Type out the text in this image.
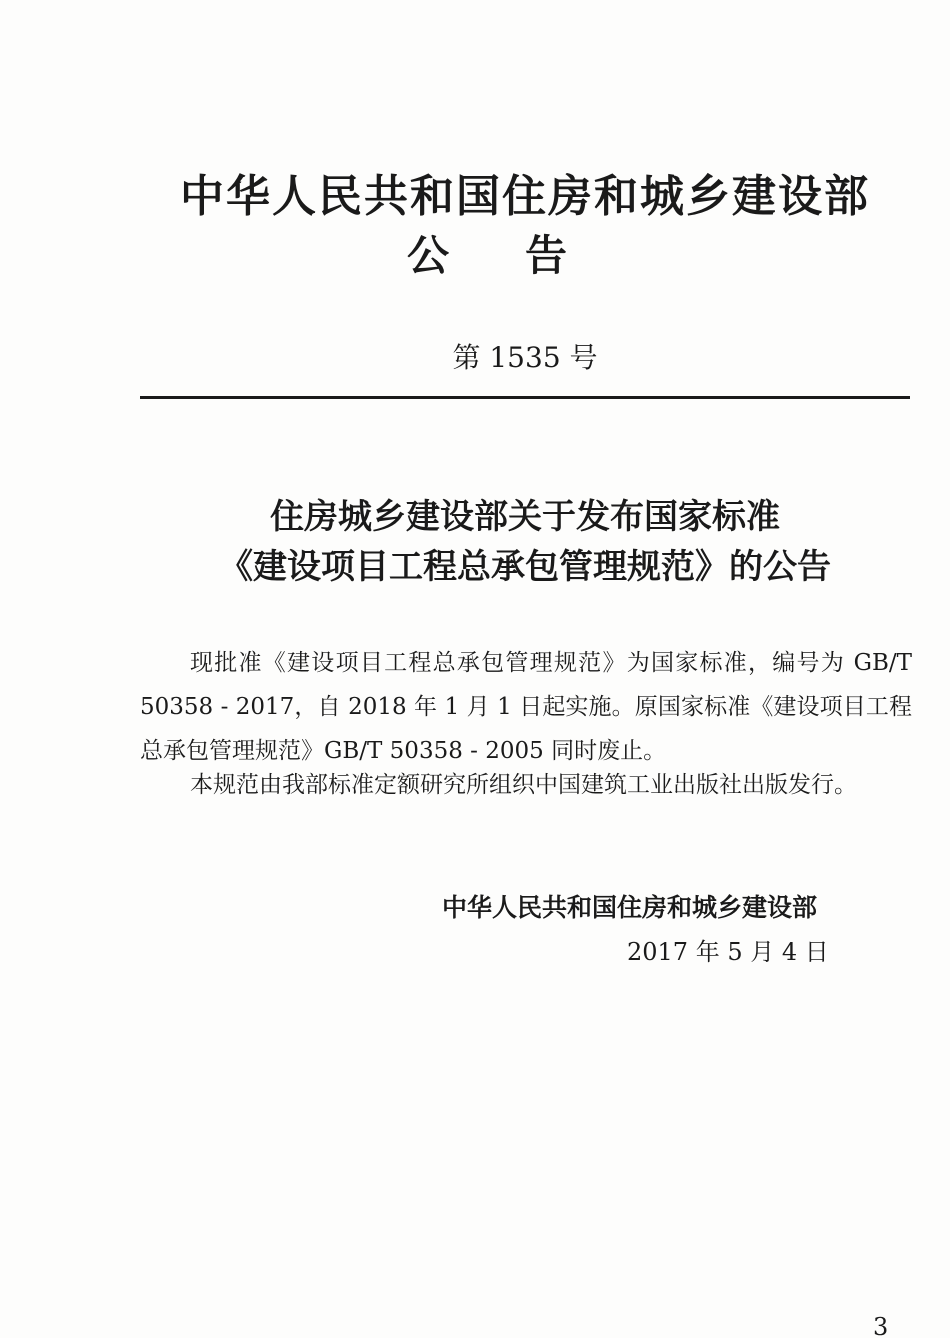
中华人民共和国住房和城乡建设部
公告

第 1535 号

住房城乡建设部关于发布国家标准
《建设项目工程总承包管理规范》的公告

现批准《建设项目工程总承包管理规范》为国家标准，编号为 GB/T 50358 - 2017，自 2018 年 1 月 1 日起实施。原国家标准《建设项目工程总承包管理规范》GB/T 50358 - 2005 同时废止。

本规范由我部标准定额研究所组织中国建筑工业出版社出版发行。

中华人民共和国住房和城乡建设部

2017 年 5 月 4 日

3
